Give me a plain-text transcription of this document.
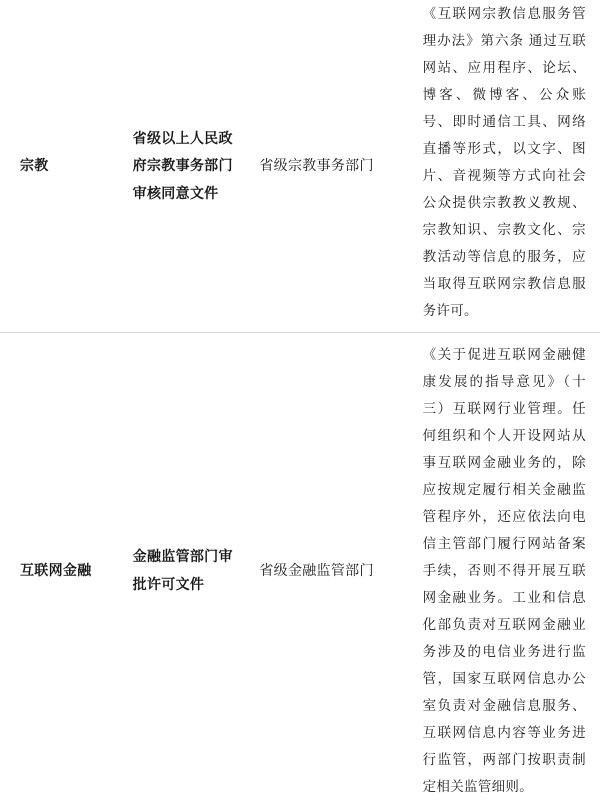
宗教	省级以上人民政府宗教事务部门审核同意文件	省级宗教事务部门	《互联网宗教信息服务管理办法》第六条 通过互联网站、应用程序、论坛、博客、微博客、公众账号、即时通信工具、网络直播等形式，以文字、图片、音视频等方式向社会公众提供宗教教义教规、宗教知识、宗教文化、宗教活动等信息的服务，应当取得互联网宗教信息服务许可。

互联网金融	金融监管部门审批许可文件	省级金融监管部门	《关于促进互联网金融健康发展的指导意见》（十三）互联网行业管理。任何组织和个人开设网站从事互联网金融业务的，除应按规定履行相关金融监管程序外，还应依法向电信主管部门履行网站备案手续，否则不得开展互联网金融业务。工业和信息化部负责对互联网金融业务涉及的电信业务进行监管，国家互联网信息办公室负责对金融信息服务、互联网信息内容等业务进行监管，两部门按职责制定相关监管细则。
